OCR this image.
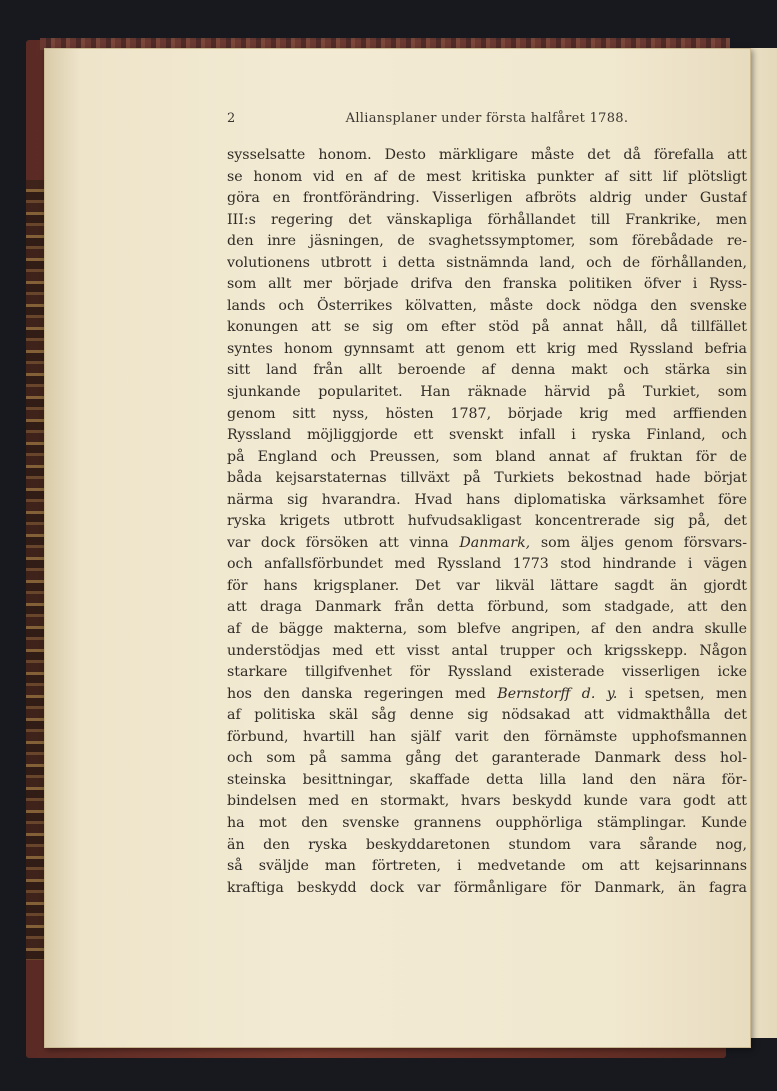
2	Allianspl​aner under första halfåret 1788.
sysselsatte honom. Desto märkligare måste det då förefalla att
se honom vid en af de mest kritiska punkter af sitt lif plötsligt
göra en frontförändring. Visserligen afbröts aldrig under Gustaf
III:s regering det vänskapliga förhållandet till Frankrike, men
den inre jäsningen, de svaghetssymptomer, som förebådade re-
volutionens utbrott i detta sistnämnda land, och de förhållanden,
som allt mer började drifva den franska politiken öfver i Ryss-
lands och Österrikes kölvatten, måste dock nödga den svenske
konungen att se sig om efter stöd på annat håll, då tillfället
syntes honom gynnsamt att genom ett krig med Ryssland befria
sitt land från allt beroende af denna makt och stärka sin
sjunkande popularitet. Han räknade härvid på Turkiet, som
genom sitt nyss, hösten 1787, började krig med arffienden
Ryssland möjliggjorde ett svenskt infall i ryska Finland, och
på England och Preussen, som bland annat af fruktan för de
båda kejsarstaternas tillväxt på Turkiets bekostnad hade börjat
närma sig hvarandra. Hvad hans diplomatiska värksamhet före
ryska krigets utbrott hufvudsakligast koncentrerade sig på, det
var dock försöken att vinna Danmark, som äljes genom försvars-
och anfallsförbundet med Ryssland 1773 stod hindrande i vägen
för hans krigsplaner. Det var likväl lättare sagdt än gjordt
att draga Danmark från detta förbund, som stadgade, att den
af de bägge makterna, som blefve angripen, af den andra skulle
understödjas med ett visst antal trupper och krigsskepp. Någon
starkare tillgifvenhet för Ryssland existerade visserligen icke
hos den danska regeringen med Bernstorff d. y. i spetsen, men
af politiska skäl såg denne sig nödsakad att vidmakthålla det
förbund, hvartill han själf varit den förnämste upphofsmannen
och som på samma gång det garanterade Danmark dess hol-
steinska besittningar, skaffade detta lilla land den nära för-
bindelsen med en stormakt, hvars beskydd kunde vara godt att
ha mot den svenske grannens oupphörliga stämplingar. Kunde
än den ryska beskyddaretonen stundom vara sårande nog,
så sväljde man förtreten, i medvetande om att kejsarinnans
kraftiga beskydd dock var förmånligare för Danmark, än fagra
